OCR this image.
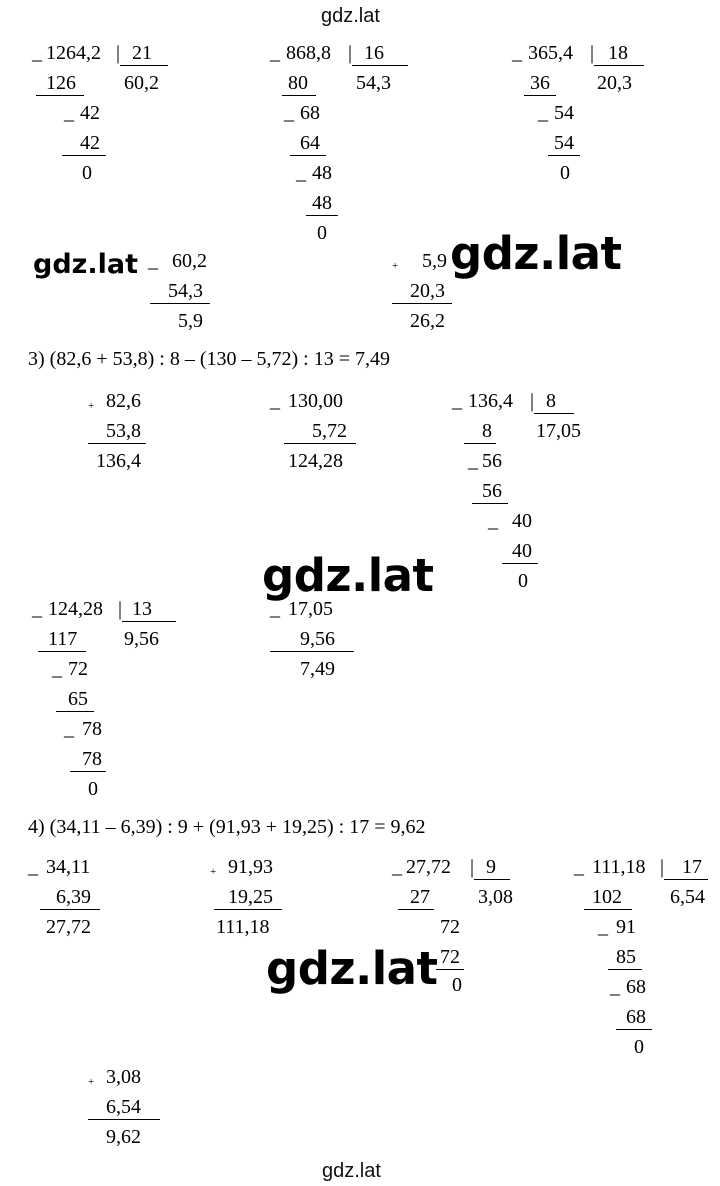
gdz.lat
gdz.lat
gdz.lat	gdz.lat
gdz.lat
gdz.lat
_ 1264,2 | 21
60,2
126
_ 42
42
0
_ 868,8 | 16
54,3
80
_ 68
64
_ 48
48
0
_ 365,4 | 18
20,3
36
_ 54
54
0
_ 60,2
54,3
5,9
+ 5,9
20,3
26,2
3) (82,6 + 53,8) : 8 – (130 – 5,72) : 13 = 7,49
+ 82,6
53,8
136,4
_ 130,00
5,72
124,28
_ 136,4 | 8
17,05
8
_ 56
56
_ 40
40
0
_ 124,28 | 13
9,56
117
_ 72
65
_ 78
78
0
_ 17,05
9,56
7,49
4) (34,11 – 6,39) : 9 + (91,93 + 19,25) : 17 = 9,62
_ 34,11
6,39
27,72
+ 91,93
19,25
111,18
_ 27,72 | 9
3,08
27
72
72
0
_ 111,18 | 17
6,54
102
_ 91
85
_ 68
68
0
+ 3,08
6,54
9,62
